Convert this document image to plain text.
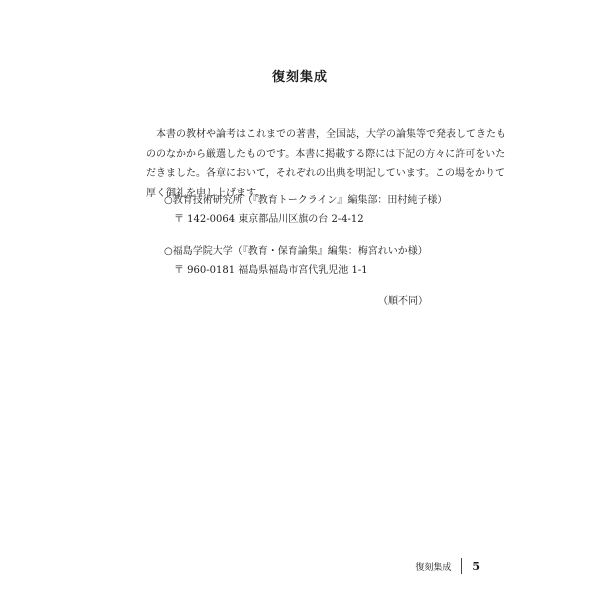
復刻集成
本書の教材や論考はこれまでの著書，全国誌，大学の論集等で発表してきたも
ののなかから厳選したものです。本書に掲載する際には下記の方々に許可をいた
だきました。各章において，それぞれの出典を明記しています。この場をかりて
厚く御礼を申し上げます。
○教育技術研究所（『教育トークライン』編集部：田村純子様）
〒 142-0064 東京都品川区旗の台 2-4-12
○福島学院大学（『教育・保育論集』編集：梅宮れいか様）
〒 960-0181 福島県福島市宮代乳児池 1-1
（順不同）
復刻集成 5
